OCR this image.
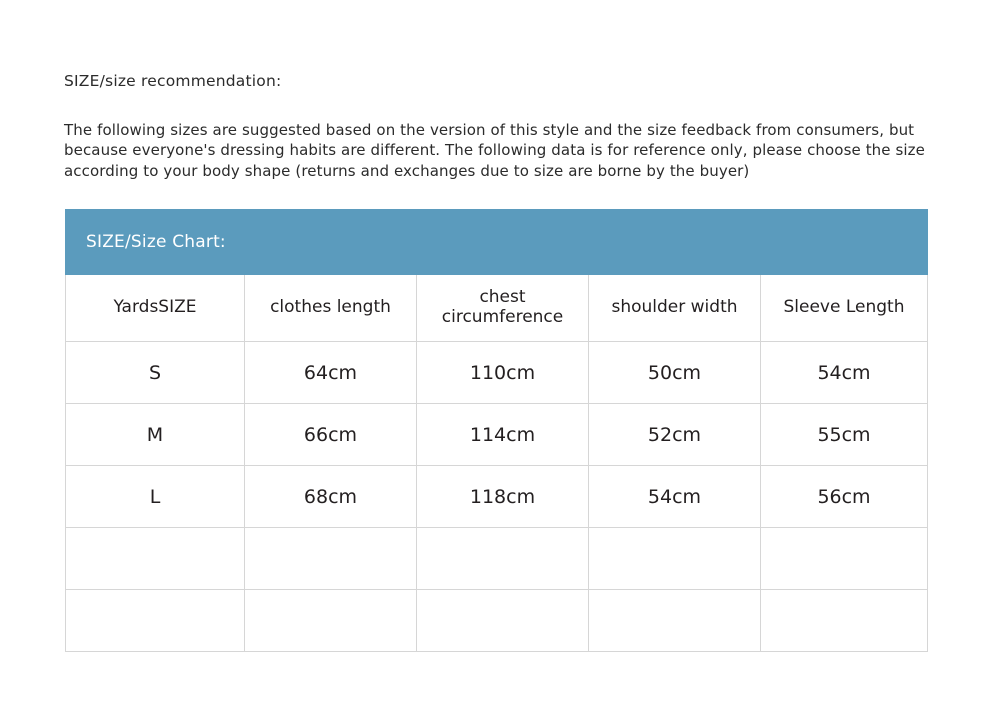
SIZE/size recommendation:

The following sizes are suggested based on the version of this style and the size feedback from consumers, but because everyone's dressing habits are different. The following data is for reference only, please choose the size according to your body shape (returns and exchanges due to size are borne by the buyer)

SIZE/Size Chart:				
YardsSIZE	clothes length	chest circumference	shoulder width	Sleeve Length
S	64cm	110cm	50cm	54cm
M	66cm	114cm	52cm	55cm
L	68cm	118cm	54cm	56cm
